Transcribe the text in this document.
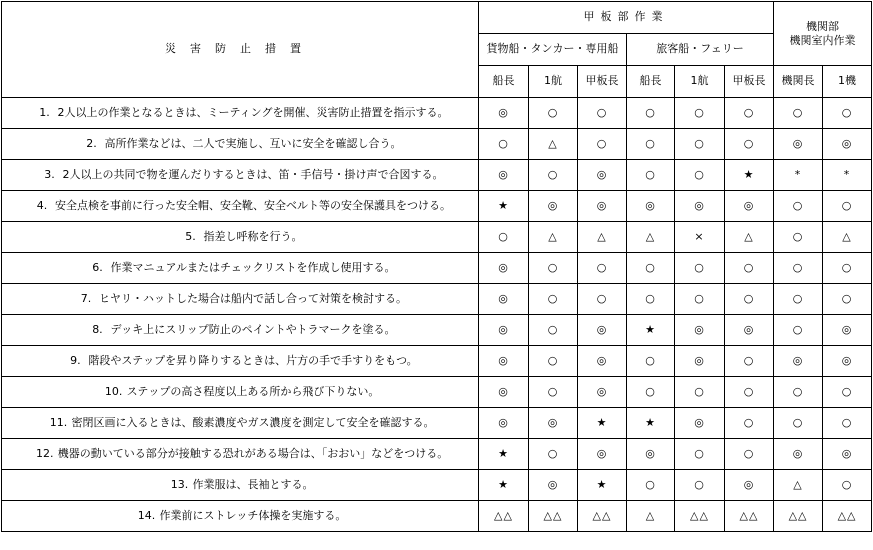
災害防止措置	甲板部作業						機関部
機関室内作業	

	貨物船・タンカー・専用船			旅客船・フェリー				
	船長	1航	甲板長	船長	1航	甲板長	機関長	1機
1. 2人以上の作業となるときは、ミーティングを開催、災害防止措置を指示する。	◎	○	○	○	○	○	○	○
2. 高所作業などは、二人で実施し、互いに安全を確認し合う。	○	△	○	○	○	○	◎	◎
3. 2人以上の共同で物を運んだりするときは、笛・手信号・掛け声で合図する。	◎	○	◎	○	○	★	*	*
4. 安全点検を事前に行った安全帽、安全靴、安全ベルト等の安全保護具をつける。	★	◎	◎	◎	◎	◎	○	○
5. 指差し呼称を行う。	○	△	△	△	×	△	○	△
6. 作業マニュアルまたはチェックリストを作成し使用する。	◎	○	○	○	○	○	○	○
7. ヒヤリ・ハットした場合は船内で話し合って対策を検討する。	◎	○	○	○	○	○	○	○
8. デッキ上にスリップ防止のペイントやトラマークを塗る。	◎	○	◎	★	◎	◎	○	◎
9. 階段やステップを昇り降りするときは、片方の手で手すりをもつ。	◎	○	◎	○	◎	○	◎	◎
10. ステップの高さ程度以上ある所から飛び下りない。	◎	○	◎	○	○	○	○	○
11. 密閉区画に入るときは、酸素濃度やガス濃度を測定して安全を確認する。	◎	◎	★	★	◎	○	○	○
12. 機器の動いている部分が接触する恐れがある場合は、「おおい」などをつける。	★	○	◎	◎	○	○	◎	◎
13. 作業服は、長袖とする。	★	◎	★	○	○	◎	△	○
14. 作業前にストレッチ体操を実施する。	△△	△△	△△	△	△△	△△	△△	△△
